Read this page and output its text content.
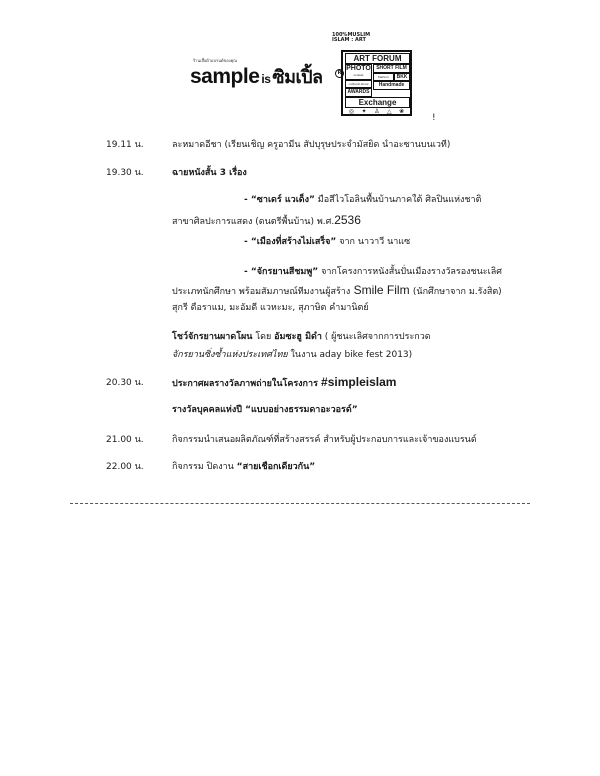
ร้านเสื้อผ้าแบรนด์ของคุณ
sample is ซิมเปิ้ล	R
100%MUSLIM
ISLAM : ART
ART FORUM
PHOTO
contest
SHORT FILM
fashion	BKK
cultural show	Handmade
AWARDS
Exchange
◎ ✦ ♙ △ ❀
!
19.11 น.	ละหมาดอีชา (เรียนเชิญ ครูอามีน สัปบุรุษประจำมัสยิด นำอะซานบนเวที)
19.30 น.	ฉายหนังสั้น 3 เรื่อง
- “ซาเดร์ แวเด็ง” มือสีไวโอลินพื้นบ้านภาคใต้ ศิลปินแห่งชาติ
สาขาศิลปะการแสดง (ดนตรีพื้นบ้าน) พ.ศ.2536
- “เมืองที่สร้างไม่เสร็จ” จาก นาวาวี นาแซ
- “จักรยานสีชมพู” จากโครงการหนังสั้นปั่นเมืองรางวัลรองชนะเลิศ
ประเภทนักศึกษา พร้อมสัมภาษณ์ทีมงานผู้สร้าง Smile Film (นักศึกษาจาก ม.รังสิต)
สุกรี ดือราแม, มะอัมดี แวหะมะ, สุภาษิต คำมานิตย์
โชว์จักรยานผาดโผน โดย อัมซะฮู มิดำ ( ผู้ชนะเลิศจากการประกวด
จักรยานซิ่งซ้ำแห่งประเทศไทย ในงาน aday bike fest 2013)
20.30 น.	ประกาศผลรางวัลภาพถ่ายในโครงการ #simpleislam
รางวัลบุคคลแห่งปี “แบบอย่างธรรมดาอะวอรด์”
21.00 น.	กิจกรรมนำเสนอผลิตภัณฑ์ที่สร้างสรรค์ สำหรับผู้ประกอบการและเจ้าของแบรนด์
22.00 น.	กิจกรรม ปิดงาน “สายเชือกเดียวกัน”
